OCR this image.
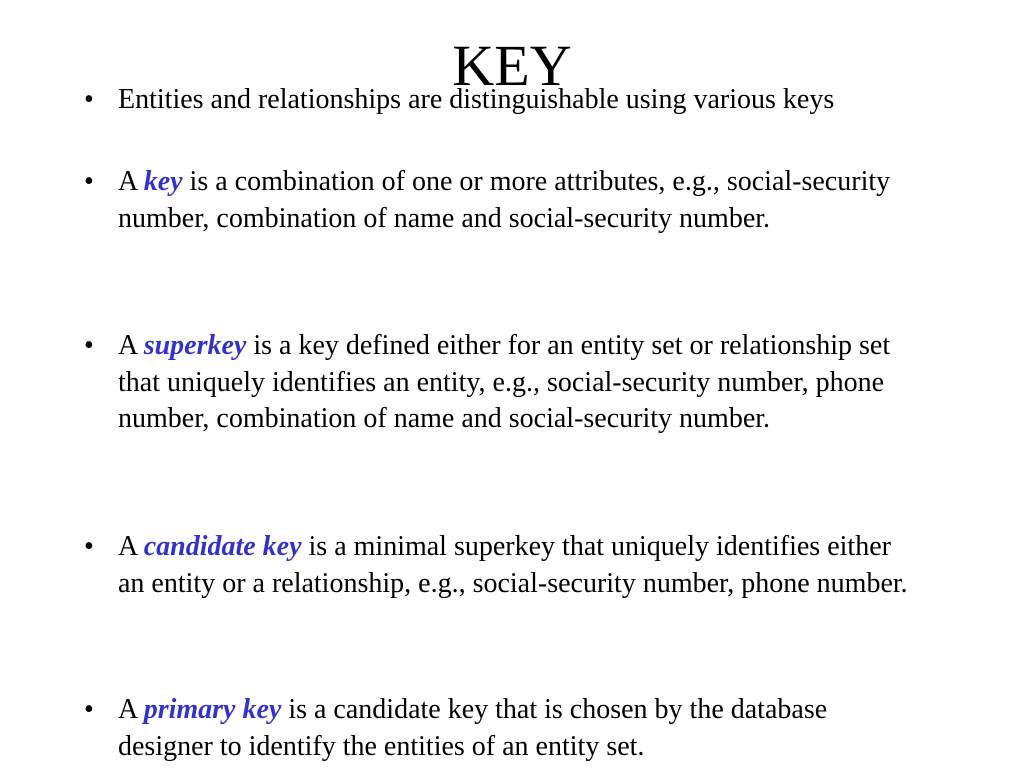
• Entities and relationships are distinguishable using various keys
• A key is a combination of one or more attributes, e.g., social-security number, combination of name and social-security number.
• A superkey is a key defined either for an entity set or relationship set that uniquely identifies an entity, e.g., social-security number, phone number, combination of name and social-security number.
• A candidate key is a minimal superkey that uniquely identifies either an entity or a relationship, e.g., social-security number, phone number.
• A primary key is a candidate key that is chosen by the database designer to identify the entities of an entity set.
KEY
